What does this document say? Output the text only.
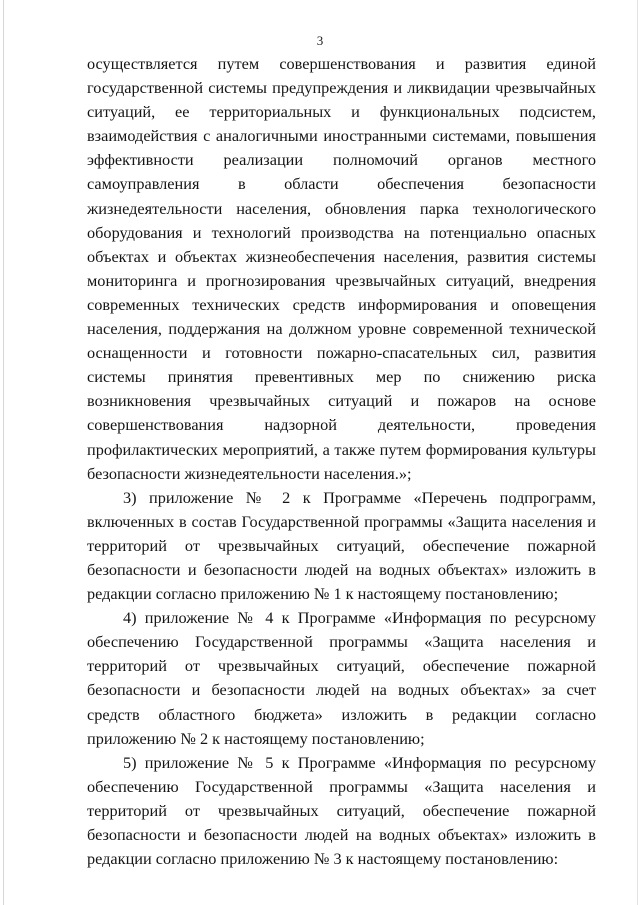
3

осуществляется путем совершенствования и развития единой государственной системы предупреждения и ликвидации чрезвычайных ситуаций, ее территориальных и функциональных подсистем, взаимодействия с аналогичными иностранными системами, повышения эффективности реализации полномочий органов местного самоуправления в области обеспечения безопасности жизнедеятельности населения, обновления парка технологического оборудования и технологий производства на потенциально опасных объектах и объектах жизнеобеспечения населения, развития системы мониторинга и прогнозирования чрезвычайных ситуаций, внедрения современных технических средств информирования и оповещения населения, поддержания на должном уровне современной технической оснащенности и готовности пожарно-спасательных сил, развития системы принятия превентивных мер по снижению риска возникновения чрезвычайных ситуаций и пожаров на основе совершенствования надзорной деятельности, проведения профилактических мероприятий, а также путем формирования культуры безопасности жизнедеятельности населения.»;

3) приложение № 2 к Программе «Перечень подпрограмм, включенных в состав Государственной программы «Защита населения и территорий от чрезвычайных ситуаций, обеспечение пожарной безопасности и безопасности людей на водных объектах» изложить в редакции согласно приложению № 1 к настоящему постановлению;

4) приложение № 4 к Программе «Информация по ресурсному обеспечению Государственной программы «Защита населения и территорий от чрезвычайных ситуаций, обеспечение пожарной безопасности и безопасности людей на водных объектах» за счет средств областного бюджета» изложить в редакции согласно приложению № 2 к настоящему постановлению;

5) приложение № 5 к Программе «Информация по ресурсному обеспечению Государственной программы «Защита населения и территорий от чрезвычайных ситуаций, обеспечение пожарной безопасности и безопасности людей на водных объектах» изложить в редакции согласно приложению № 3 к настоящему постановлению:
